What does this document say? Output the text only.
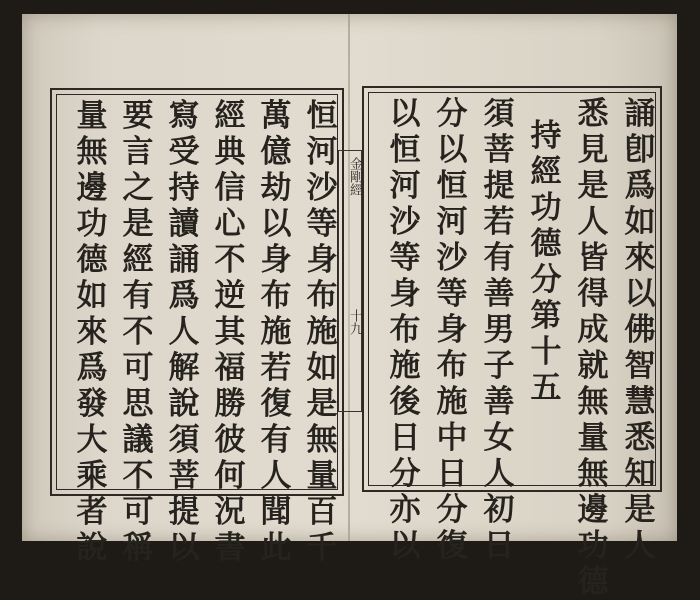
恒
河
沙
等
身
布
施
如
是
無
量
百
千
萬
億
劫
以
身
布
施
若
復
有
人
聞
此
經
典
信
心
不
逆
其
福
勝
彼
何
況
書
寫
受
持
讀
誦
爲
人
解
說
須
菩
提
以
要
言
之
是
經
有
不
可
思
議
不
可
稱
量
無
邊
功
德
如
來
爲
發
大
乘
者
說
誦
卽
爲
如
來
以
佛
智
慧
悉
知
是
人
悉
見
是
人
皆
得
成
就
無
量
無
邊
功
德
持
經
功
德
分
第
十
五
須
菩
提
若
有
善
男
子
善
女
人
初
日
分
以
恒
河
沙
等
身
布
施
中
日
分
復
以
恒
河
沙
等
身
布
施
後
日
分
亦
以
金剛經
十九
